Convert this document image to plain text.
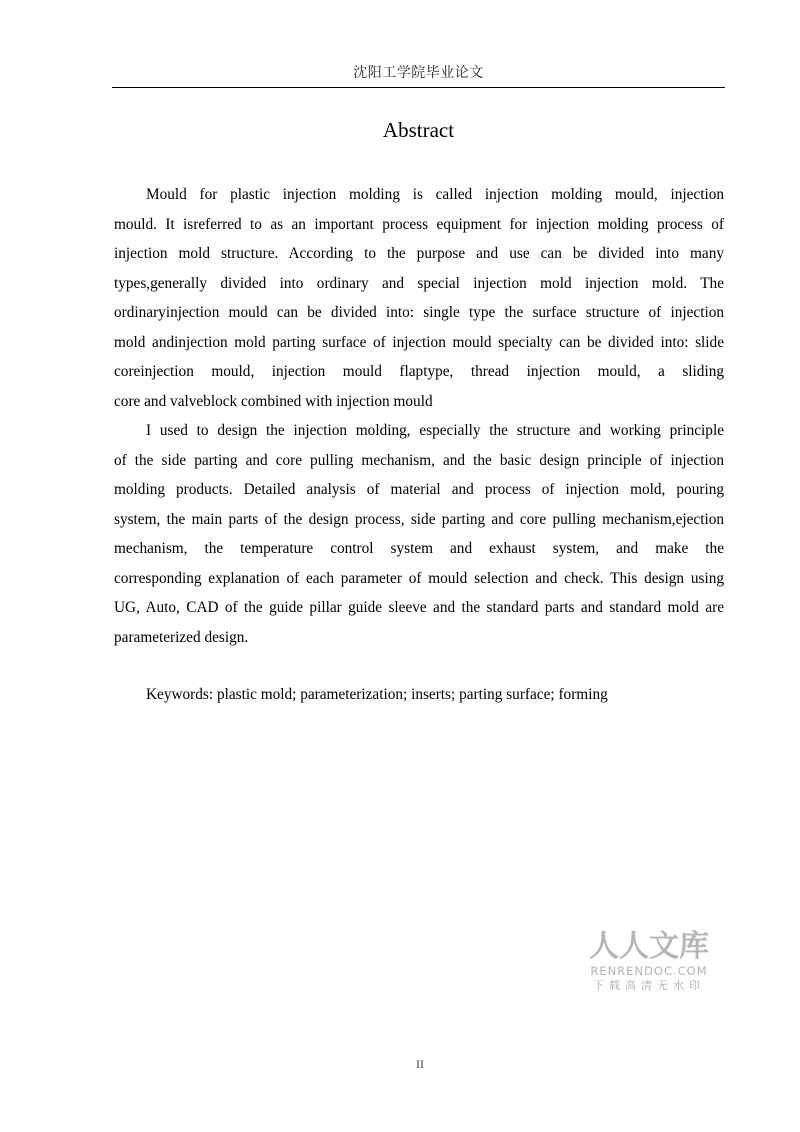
沈阳工学院毕业论文
Abstract
Mould for plastic injection molding is called injection molding mould, injection
mould. It isreferred to as an important process equipment for injection molding process of
injection mold structure. According to the purpose and use can be divided into many
types,generally divided into ordinary and special injection mold injection mold. The
ordinaryinjection mould can be divided into: single type the surface structure of injection
mold andinjection mold parting surface of injection mould specialty can be divided into: slide
coreinjection mould, injection mould flaptype, thread injection mould, a sliding
core and valveblock combined with injection mould
I used to design the injection molding, especially the structure and working principle
of the side parting and core pulling mechanism, and the basic design principle of injection
molding products. Detailed analysis of material and process of injection mold, pouring
system, the main parts of the design process, side parting and core pulling mechanism,ejection
mechanism, the temperature control system and exhaust system, and make the
corresponding explanation of each parameter of mould selection and check. This design using
UG, Auto, CAD of the guide pillar guide sleeve and the standard parts and standard mold are
parameterized design.
Keywords: plastic mold; parameterization; inserts; parting surface; forming
人人文库
RENRENDOC.COM
下载高清无水印
II
